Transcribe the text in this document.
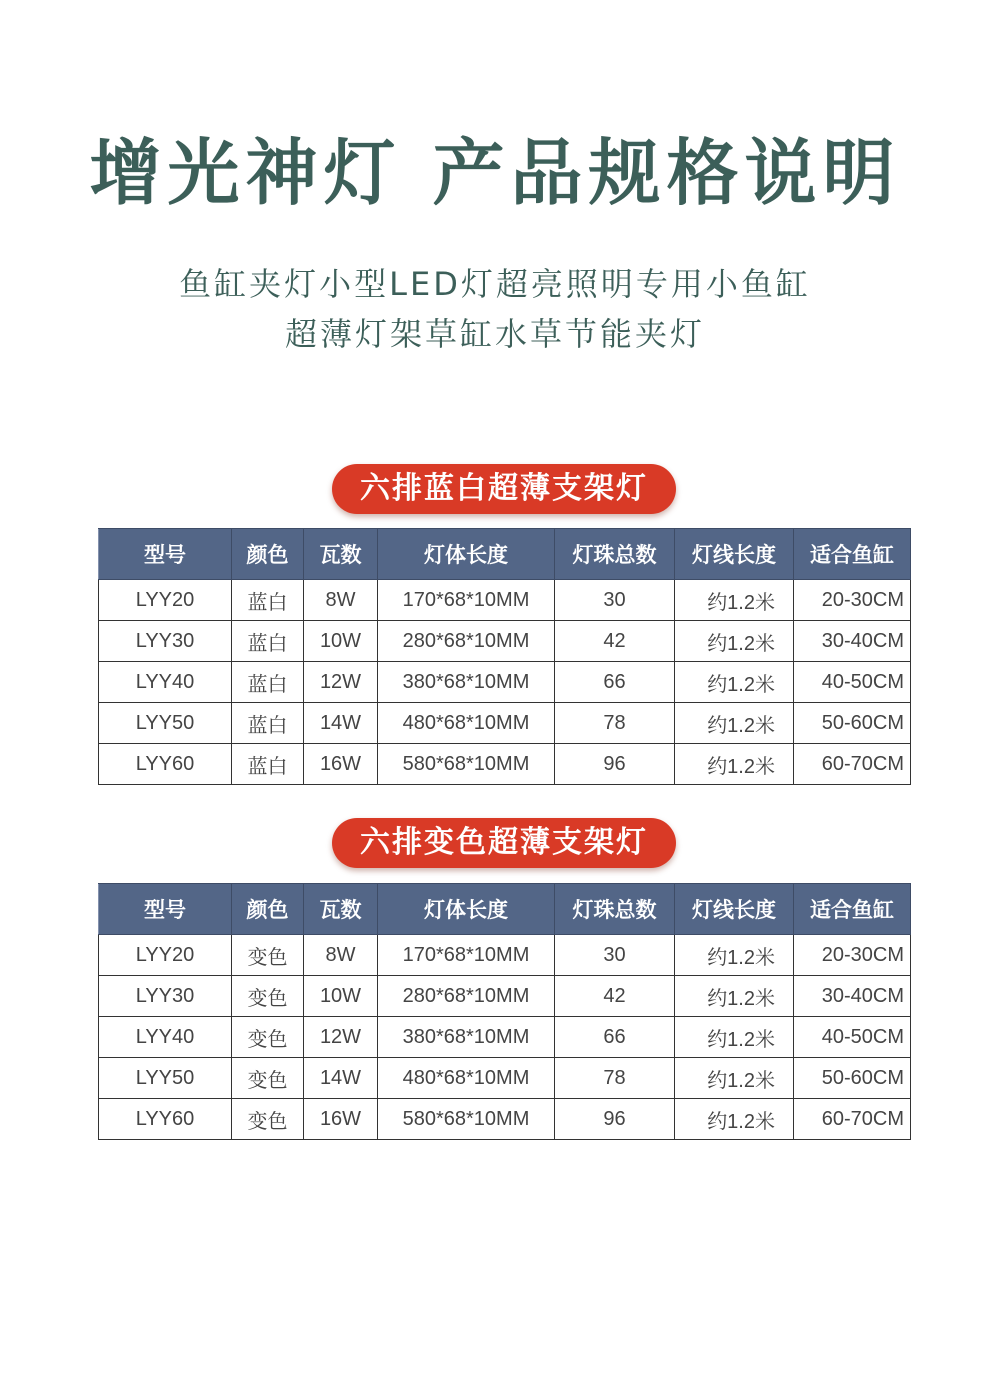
增光神灯 产品规格说明
鱼缸夹灯小型LED灯超亮照明专用小鱼缸
超薄灯架草缸水草节能夹灯
六排蓝白超薄支架灯
型号	颜色	瓦数	灯体长度	灯珠总数	灯线长度	适合鱼缸
LYY20	蓝白	8W	170*68*10MM	30	约1.2米	20-30CM
LYY30	蓝白	10W	280*68*10MM	42	约1.2米	30-40CM
LYY40	蓝白	12W	380*68*10MM	66	约1.2米	40-50CM
LYY50	蓝白	14W	480*68*10MM	78	约1.2米	50-60CM
LYY60	蓝白	16W	580*68*10MM	96	约1.2米	60-70CM
六排变色超薄支架灯
型号	颜色	瓦数	灯体长度	灯珠总数	灯线长度	适合鱼缸
LYY20	变色	8W	170*68*10MM	30	约1.2米	20-30CM
LYY30	变色	10W	280*68*10MM	42	约1.2米	30-40CM
LYY40	变色	12W	380*68*10MM	66	约1.2米	40-50CM
LYY50	变色	14W	480*68*10MM	78	约1.2米	50-60CM
LYY60	变色	16W	580*68*10MM	96	约1.2米	60-70CM
